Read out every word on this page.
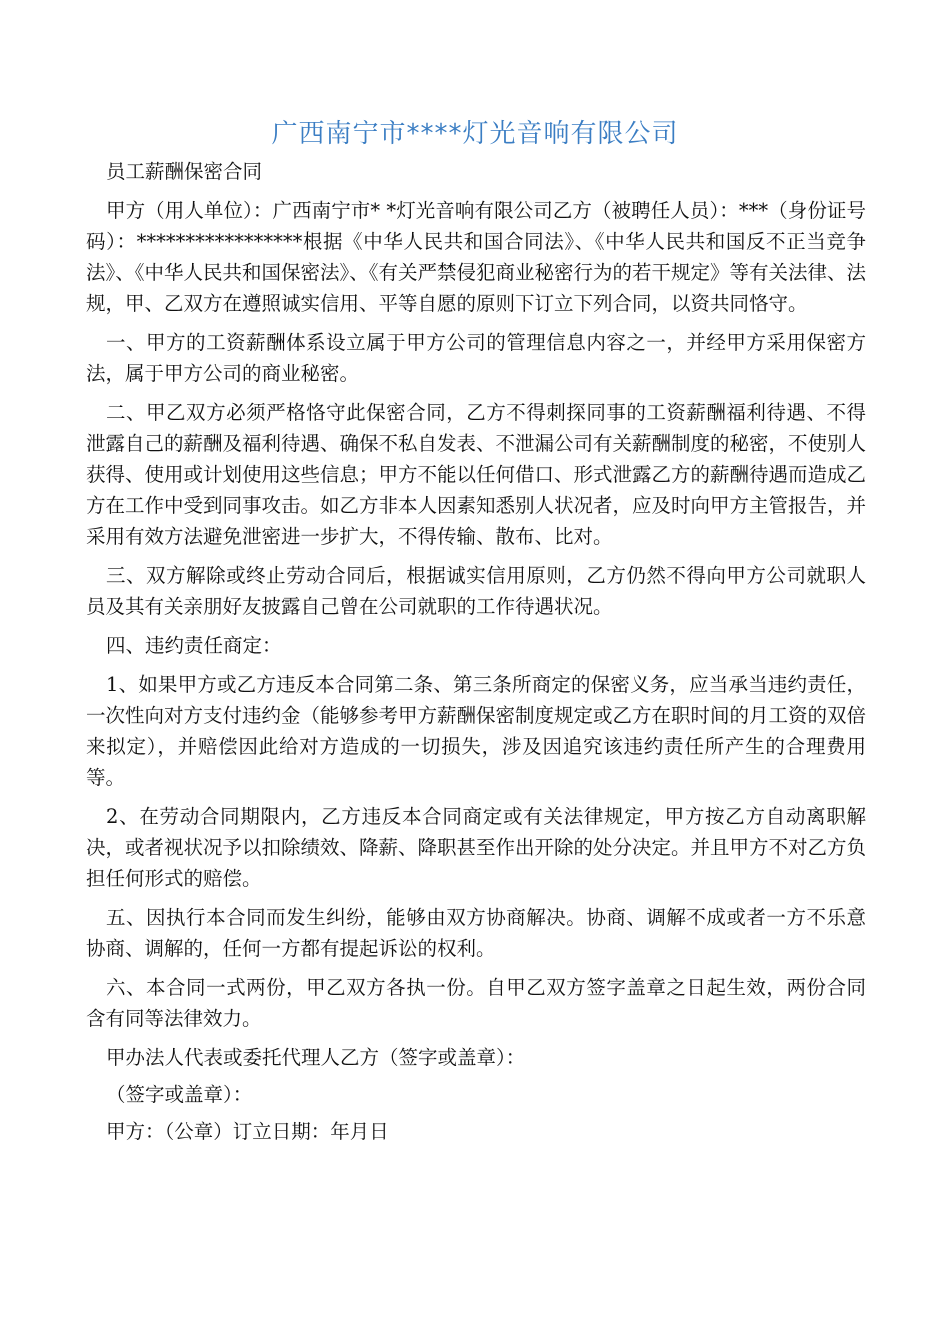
广西南宁市****灯光音响有限公司

员工薪酬保密合同

甲方（用人单位）：广西南宁市* *灯光音响有限公司乙方（被聘任人员）：***（身份证号码）：*****************根据《中华人民共和国合同法》、《中华人民共和国反不正当竞争法》、《中华人民共和国保密法》、《有关严禁侵犯商业秘密行为的若干规定》等有关法律、法规，甲、乙双方在遵照诚实信用、平等自愿的原则下订立下列合同，以资共同恪守。

一、甲方的工资薪酬体系设立属于甲方公司的管理信息内容之一，并经甲方采用保密方法，属于甲方公司的商业秘密。

二、甲乙双方必须严格恪守此保密合同，乙方不得刺探同事的工资薪酬福利待遇、不得泄露自己的薪酬及福利待遇、确保不私自发表、不泄漏公司有关薪酬制度的秘密，不使别人获得、使用或计划使用这些信息；甲方不能以任何借口、形式泄露乙方的薪酬待遇而造成乙方在工作中受到同事攻击。如乙方非本人因素知悉别人状况者，应及时向甲方主管报告，并采用有效方法避免泄密进一步扩大，不得传输、散布、比对。

三、双方解除或终止劳动合同后，根据诚实信用原则，乙方仍然不得向甲方公司就职人员及其有关亲朋好友披露自己曾在公司就职的工作待遇状况。

四、违约责任商定：

1、如果甲方或乙方违反本合同第二条、第三条所商定的保密义务，应当承当违约责任，一次性向对方支付违约金（能够参考甲方薪酬保密制度规定或乙方在职时间的月工资的双倍来拟定），并赔偿因此给对方造成的一切损失，涉及因追究该违约责任所产生的合理费用等。

2、在劳动合同期限内，乙方违反本合同商定或有关法律规定，甲方按乙方自动离职解决，或者视状况予以扣除绩效、降薪、降职甚至作出开除的处分决定。并且甲方不对乙方负担任何形式的赔偿。

五、因执行本合同而发生纠纷，能够由双方协商解决。协商、调解不成或者一方不乐意协商、调解的，任何一方都有提起诉讼的权利。

六、本合同一式两份，甲乙双方各执一份。自甲乙双方签字盖章之日起生效，两份合同含有同等法律效力。

甲办法人代表或委托代理人乙方（签字或盖章）：

（签字或盖章）：

甲方：（公章）订立日期：年月日
